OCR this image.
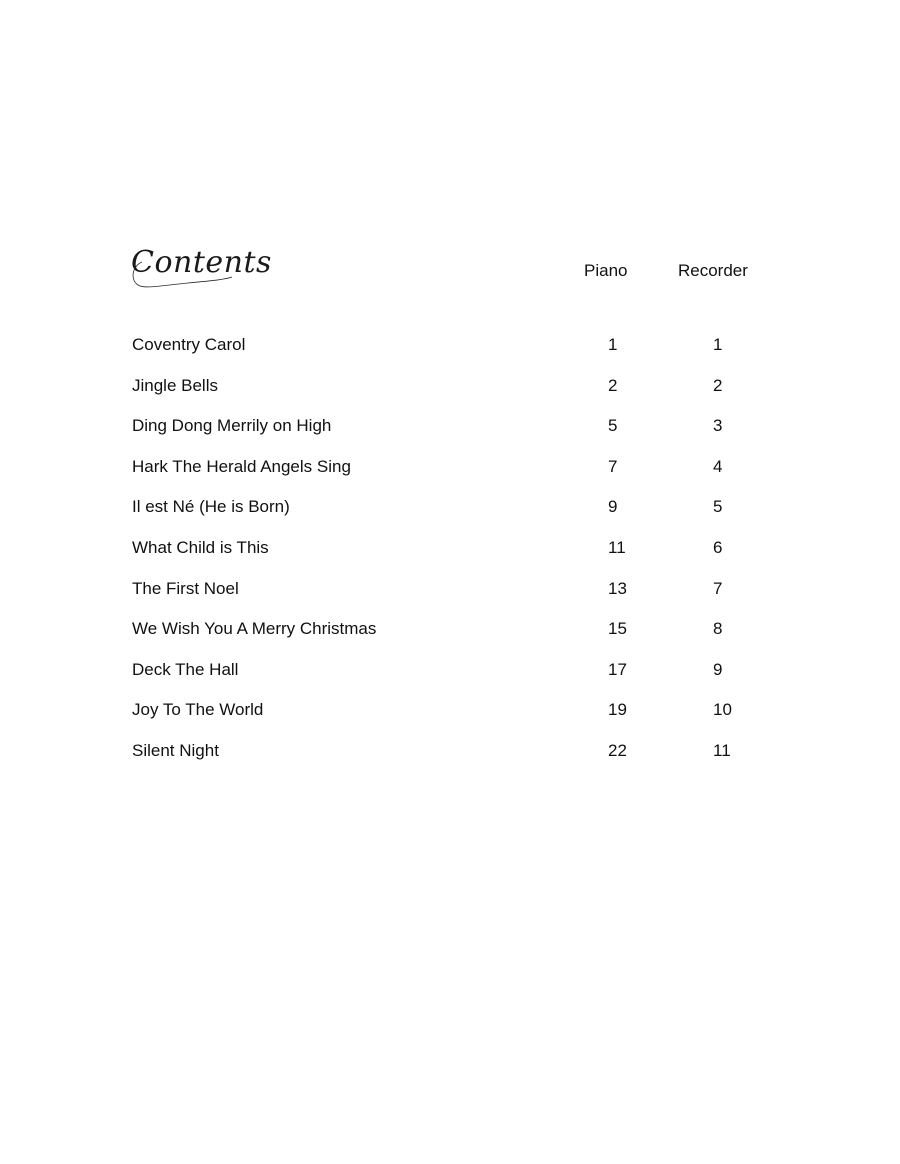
Contents	Piano	Recorder
Coventry Carol	1	1
Jingle Bells	2	2
Ding Dong Merrily on High	5	3
Hark The Herald Angels Sing	7	4
Il est Né (He is Born)	9	5
What Child is This	11	6
The First Noel	13	7
We Wish You A Merry Christmas	15	8
Deck The Hall	17	9
Joy To The World	19	10
Silent Night	22	11
